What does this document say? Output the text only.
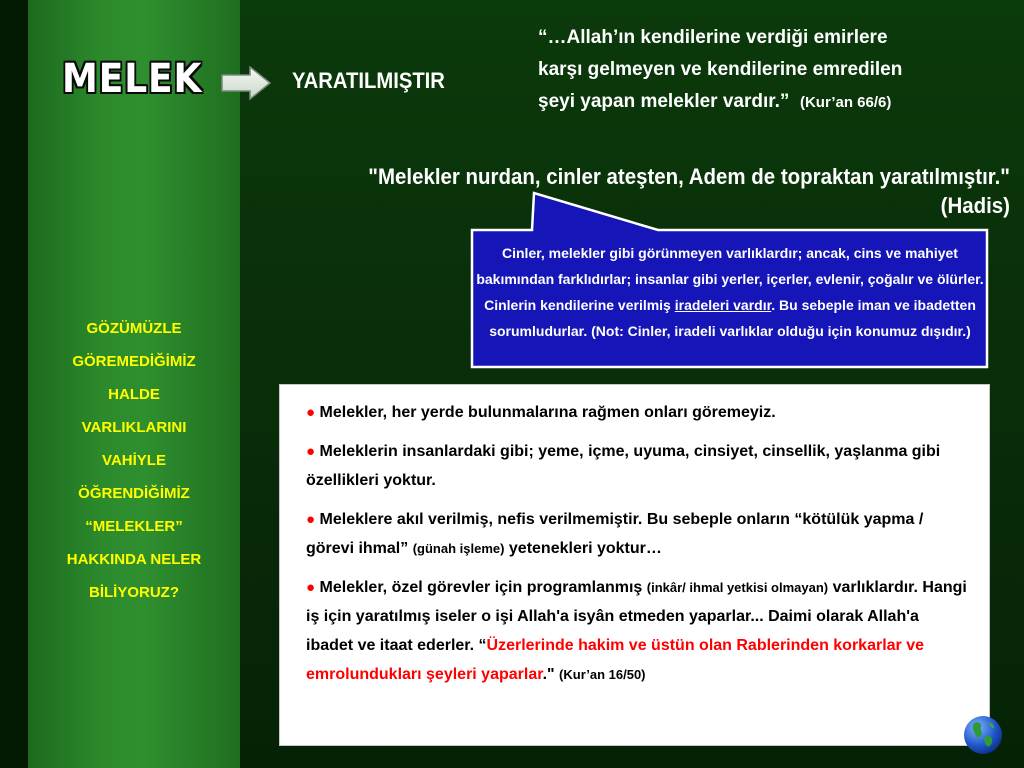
MELEK	YARATILMIŞTIR
“…Allah’ın kendilerine verdiği emirlere
karşı gelmeyen ve kendilerine emredilen
şeyi yapan melekler vardır.” (Kur’an 66/6)
"Melekler nurdan, cinler ateşten, Adem de topraktan yaratılmıştır."
(Hadis)
Cinler, melekler gibi görünmeyen varlıklardır; ancak, cins ve mahiyet bakımından farklıdırlar; insanlar gibi yerler, içerler, evlenir, çoğalır ve ölürler. Cinlerin kendilerine verilmiş iradeleri vardır. Bu sebeple iman ve ibadetten sorumludurlar. (Not: Cinler, iradeli varlıklar olduğu için konumuz dışıdır.)
GÖZÜMÜZLE
GÖREMEDİĞİMİZ
HALDE
VARLIKLARINI
VAHİYLE
ÖĞRENDİĞİMİZ
“MELEKLER”
HAKKINDA NELER
BİLİYORUZ?

● Melekler, her yerde bulunmalarına rağmen onları göremeyiz.

● Meleklerin insanlardaki gibi; yeme, içme, uyuma, cinsiyet, cinsellik, yaşlanma gibi özellikleri yoktur.

● Meleklere akıl verilmiş, nefis verilmemiştir. Bu sebeple onların “kötülük yapma / görevi ihmal” (günah işleme) yetenekleri yoktur…

● Melekler, özel görevler için programlanmış (inkâr/ ihmal yetkisi olmayan) varlıklardır. Hangi iş için yaratılmış iseler o işi Allah'a isyân etmeden yaparlar... Daimi olarak Allah'a ibadet ve itaat ederler. “Üzerlerinde hakim ve üstün olan Rablerinden korkarlar ve emrolundukları şeyleri yaparlar." (Kur’an 16/50)
